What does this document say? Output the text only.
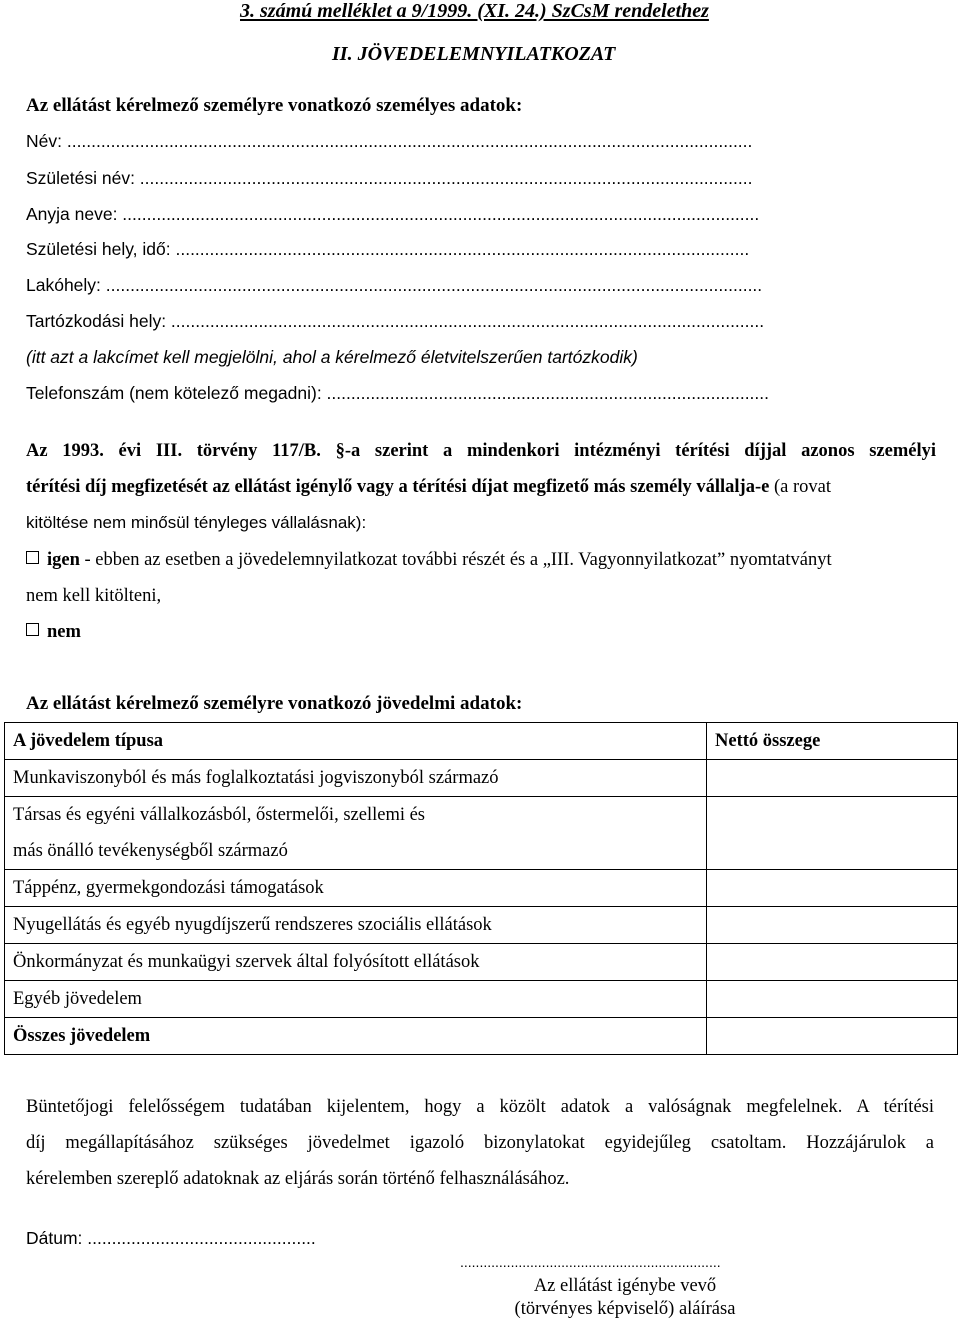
3. számú melléklet a 9/1999. (XI. 24.) SzCsM rendelethez
II. JÖVEDELEMNYILATKOZAT
Az ellátást kérelmező személyre vonatkozó személyes adatok:
Név: .............................................................................................................................................
Születési név: ..............................................................................................................................
Anyja neve: ...................................................................................................................................
Születési hely, idő: ......................................................................................................................
Lakóhely: .......................................................................................................................................
Tartózkodási hely: ..........................................................................................................................
(itt azt a lakcímet kell megjelölni, ahol a kérelmező életvitelszerűen tartózkodik)
Telefonszám (nem kötelező megadni): ...........................................................................................
Az 1993. évi III. törvény 117/B. §-a szerint a mindenkori intézményi térítési díjjal azonos személyi
térítési díj megfizetését az ellátást igénylő vagy a térítési díjat megfizető más személy vállalja-e (a rovat
kitöltése nem minősül tényleges vállalásnak):
igen - ebben az esetben a jövedelemnyilatkozat további részét és a „III. Vagyonnyilatkozat” nyomtatványt
nem kell kitölteni,
nem
Az ellátást kérelmező személyre vonatkozó jövedelmi adatok:
A jövedelem típusa	Nettó összege
Munkaviszonyból és más foglalkoztatási jogviszonyból származó	
Társas és egyéni vállalkozásból, őstermelői, szellemi és más önálló tevékenységből származó	
Táppénz, gyermekgondozási támogatások	
Nyugellátás és egyéb nyugdíjszerű rendszeres szociális ellátások	
Önkormányzat és munkaügyi szervek által folyósított ellátások	
Egyéb jövedelem	
Összes jövedelem	
Büntetőjogi felelősségem tudatában kijelentem, hogy a közölt adatok a valóságnak megfelelnek. A térítési
díj megállapításához szükséges jövedelmet igazoló bizonylatokat egyidejűleg csatoltam. Hozzájárulok a
kérelemben szereplő adatoknak az eljárás során történő felhasználásához.
Dátum: ...............................................
...................................................................
Az ellátást igénybe vevő
(törvényes képviselő) aláírása
